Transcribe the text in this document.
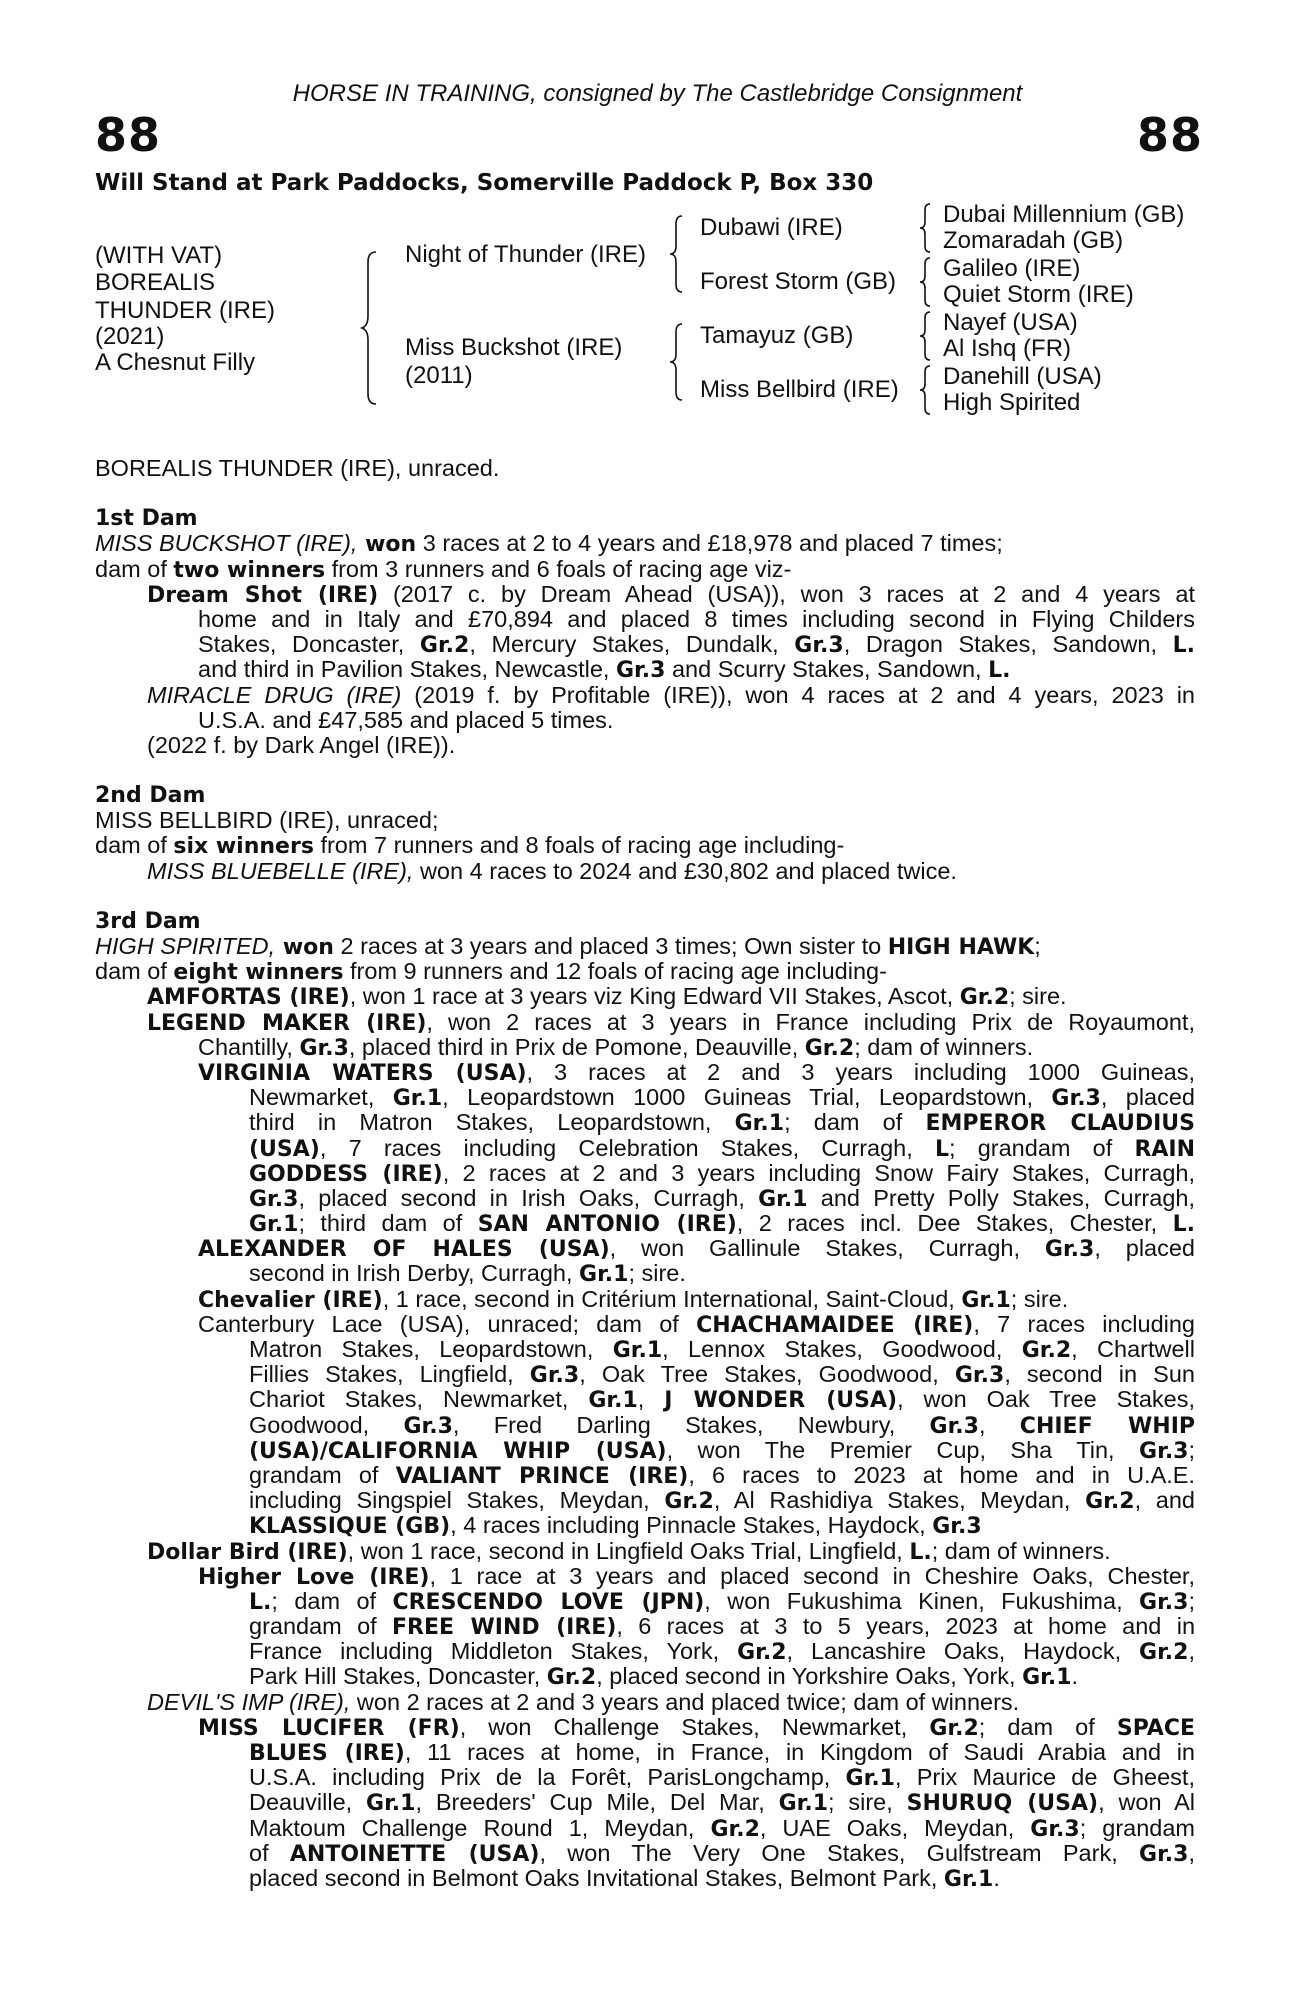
HORSE IN TRAINING, consigned by The Castlebridge Consignment
88	88
Will Stand at Park Paddocks, Somerville Paddock P, Box 330
(WITH VAT)
BOREALIS
THUNDER (IRE)
(2021)
A Chesnut Filly
Night of Thunder (IRE)
Miss Buckshot (IRE)
(2011)
Dubawi (IRE)
Forest Storm (GB)
Tamayuz (GB)
Miss Bellbird (IRE)
Dubai Millennium (GB)
Zomaradah (GB)
Galileo (IRE)
Quiet Storm (IRE)
Nayef (USA)
Al Ishq (FR)
Danehill (USA)
High Spirited
BOREALIS THUNDER (IRE), unraced.
1st Dam
MISS BUCKSHOT (IRE), won 3 races at 2 to 4 years and £18,978 and placed 7 times;
dam of two winners from 3 runners and 6 foals of racing age viz-
Dream Shot (IRE) (2017 c. by Dream Ahead (USA)), won 3 races at 2 and 4 years at
home and in Italy and £70,894 and placed 8 times including second in Flying Childers
Stakes, Doncaster, Gr.2, Mercury Stakes, Dundalk, Gr.3, Dragon Stakes, Sandown, L.
and third in Pavilion Stakes, Newcastle, Gr.3 and Scurry Stakes, Sandown, L.
MIRACLE DRUG (IRE) (2019 f. by Profitable (IRE)), won 4 races at 2 and 4 years, 2023 in
U.S.A. and £47,585 and placed 5 times.
(2022 f. by Dark Angel (IRE)).
2nd Dam
MISS BELLBIRD (IRE), unraced;
dam of six winners from 7 runners and 8 foals of racing age including-
MISS BLUEBELLE (IRE), won 4 races to 2024 and £30,802 and placed twice.
3rd Dam
HIGH SPIRITED, won 2 races at 3 years and placed 3 times; Own sister to HIGH HAWK;
dam of eight winners from 9 runners and 12 foals of racing age including-
AMFORTAS (IRE), won 1 race at 3 years viz King Edward VII Stakes, Ascot, Gr.2; sire.
LEGEND MAKER (IRE), won 2 races at 3 years in France including Prix de Royaumont,
Chantilly, Gr.3, placed third in Prix de Pomone, Deauville, Gr.2; dam of winners.
VIRGINIA WATERS (USA), 3 races at 2 and 3 years including 1000 Guineas,
Newmarket, Gr.1, Leopardstown 1000 Guineas Trial, Leopardstown, Gr.3, placed
third in Matron Stakes, Leopardstown, Gr.1; dam of EMPEROR CLAUDIUS
(USA), 7 races including Celebration Stakes, Curragh, L; grandam of RAIN
GODDESS (IRE), 2 races at 2 and 3 years including Snow Fairy Stakes, Curragh,
Gr.3, placed second in Irish Oaks, Curragh, Gr.1 and Pretty Polly Stakes, Curragh,
Gr.1; third dam of SAN ANTONIO (IRE), 2 races incl. Dee Stakes, Chester, L.
ALEXANDER OF HALES (USA), won Gallinule Stakes, Curragh, Gr.3, placed
second in Irish Derby, Curragh, Gr.1; sire.
Chevalier (IRE), 1 race, second in Critérium International, Saint-Cloud, Gr.1; sire.
Canterbury Lace (USA), unraced; dam of CHACHAMAIDEE (IRE), 7 races including
Matron Stakes, Leopardstown, Gr.1, Lennox Stakes, Goodwood, Gr.2, Chartwell
Fillies Stakes, Lingfield, Gr.3, Oak Tree Stakes, Goodwood, Gr.3, second in Sun
Chariot Stakes, Newmarket, Gr.1, J WONDER (USA), won Oak Tree Stakes,
Goodwood, Gr.3, Fred Darling Stakes, Newbury, Gr.3, CHIEF WHIP
(USA)/CALIFORNIA WHIP (USA), won The Premier Cup, Sha Tin, Gr.3;
grandam of VALIANT PRINCE (IRE), 6 races to 2023 at home and in U.A.E.
including Singspiel Stakes, Meydan, Gr.2, Al Rashidiya Stakes, Meydan, Gr.2, and
KLASSIQUE (GB), 4 races including Pinnacle Stakes, Haydock, Gr.3
Dollar Bird (IRE), won 1 race, second in Lingfield Oaks Trial, Lingfield, L.; dam of winners.
Higher Love (IRE), 1 race at 3 years and placed second in Cheshire Oaks, Chester,
L.; dam of CRESCENDO LOVE (JPN), won Fukushima Kinen, Fukushima, Gr.3;
grandam of FREE WIND (IRE), 6 races at 3 to 5 years, 2023 at home and in
France including Middleton Stakes, York, Gr.2, Lancashire Oaks, Haydock, Gr.2,
Park Hill Stakes, Doncaster, Gr.2, placed second in Yorkshire Oaks, York, Gr.1.
DEVIL'S IMP (IRE), won 2 races at 2 and 3 years and placed twice; dam of winners.
MISS LUCIFER (FR), won Challenge Stakes, Newmarket, Gr.2; dam of SPACE
BLUES (IRE), 11 races at home, in France, in Kingdom of Saudi Arabia and in
U.S.A. including Prix de la Forêt, ParisLongchamp, Gr.1, Prix Maurice de Gheest,
Deauville, Gr.1, Breeders' Cup Mile, Del Mar, Gr.1; sire, SHURUQ (USA), won Al
Maktoum Challenge Round 1, Meydan, Gr.2, UAE Oaks, Meydan, Gr.3; grandam
of ANTOINETTE (USA), won The Very One Stakes, Gulfstream Park, Gr.3,
placed second in Belmont Oaks Invitational Stakes, Belmont Park, Gr.1.
